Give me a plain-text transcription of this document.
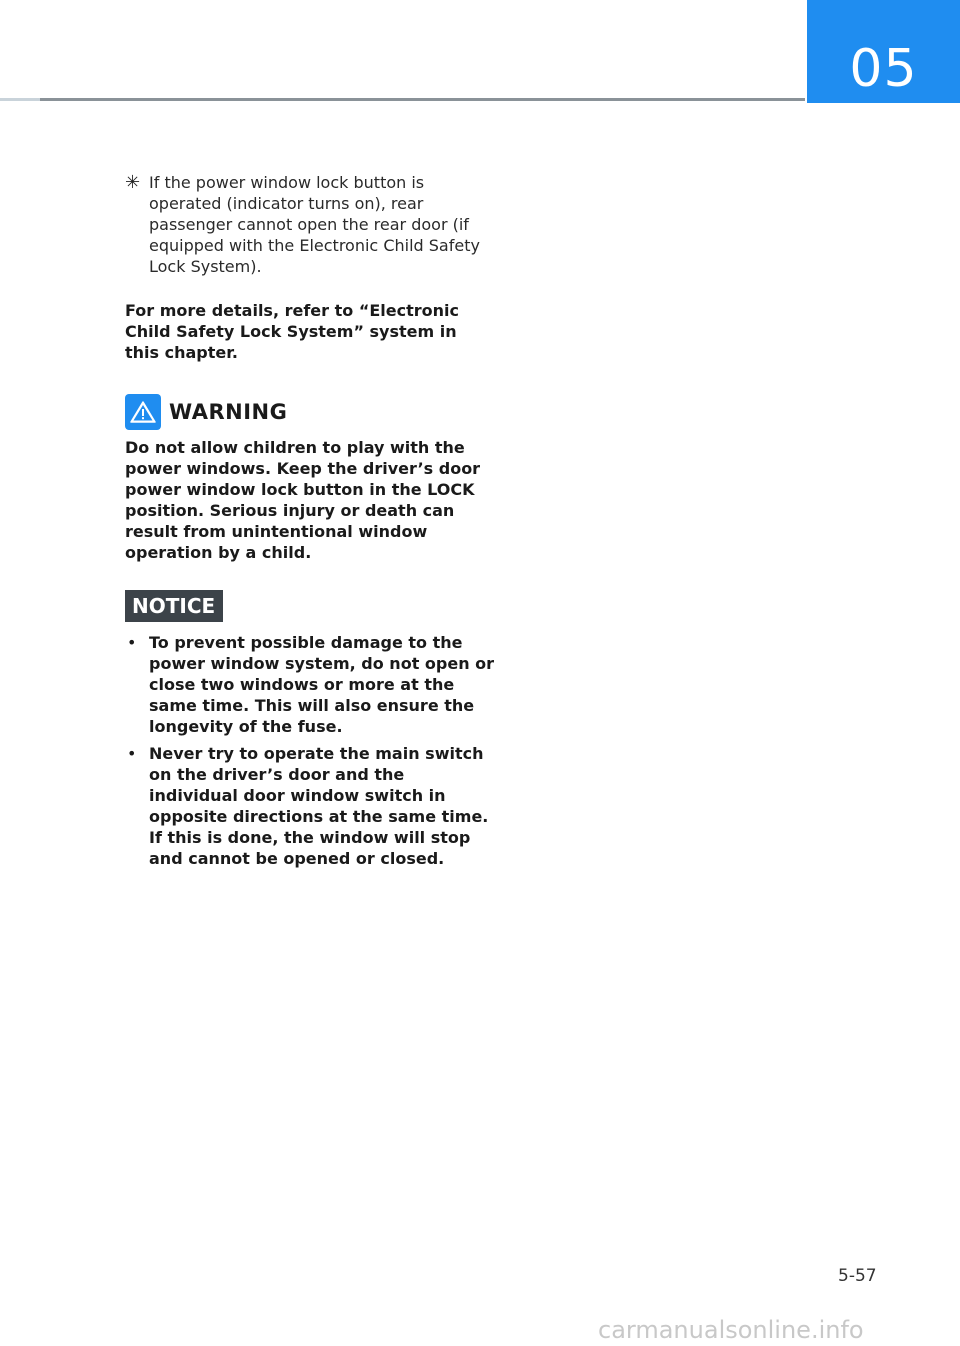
05
✳ If the power window lock button is operated (indicator turns on), rear passenger cannot open the rear door (if equipped with the Electronic Child Safety Lock System).
For more details, refer to “Electronic Child Safety Lock System” system in this chapter.
WARNING
Do not allow children to play with the power windows. Keep the driver’s door power window lock button in the LOCK position. Serious injury or death can result from unintentional window operation by a child.
NOTICE
• To prevent possible damage to the power window system, do not open or close two windows or more at the same time. This will also ensure the longevity of the fuse.
• Never try to operate the main switch on the driver’s door and the individual door window switch in opposite directions at the same time. If this is done, the window will stop and cannot be opened or closed.
5-57
carmanualsonline.info
